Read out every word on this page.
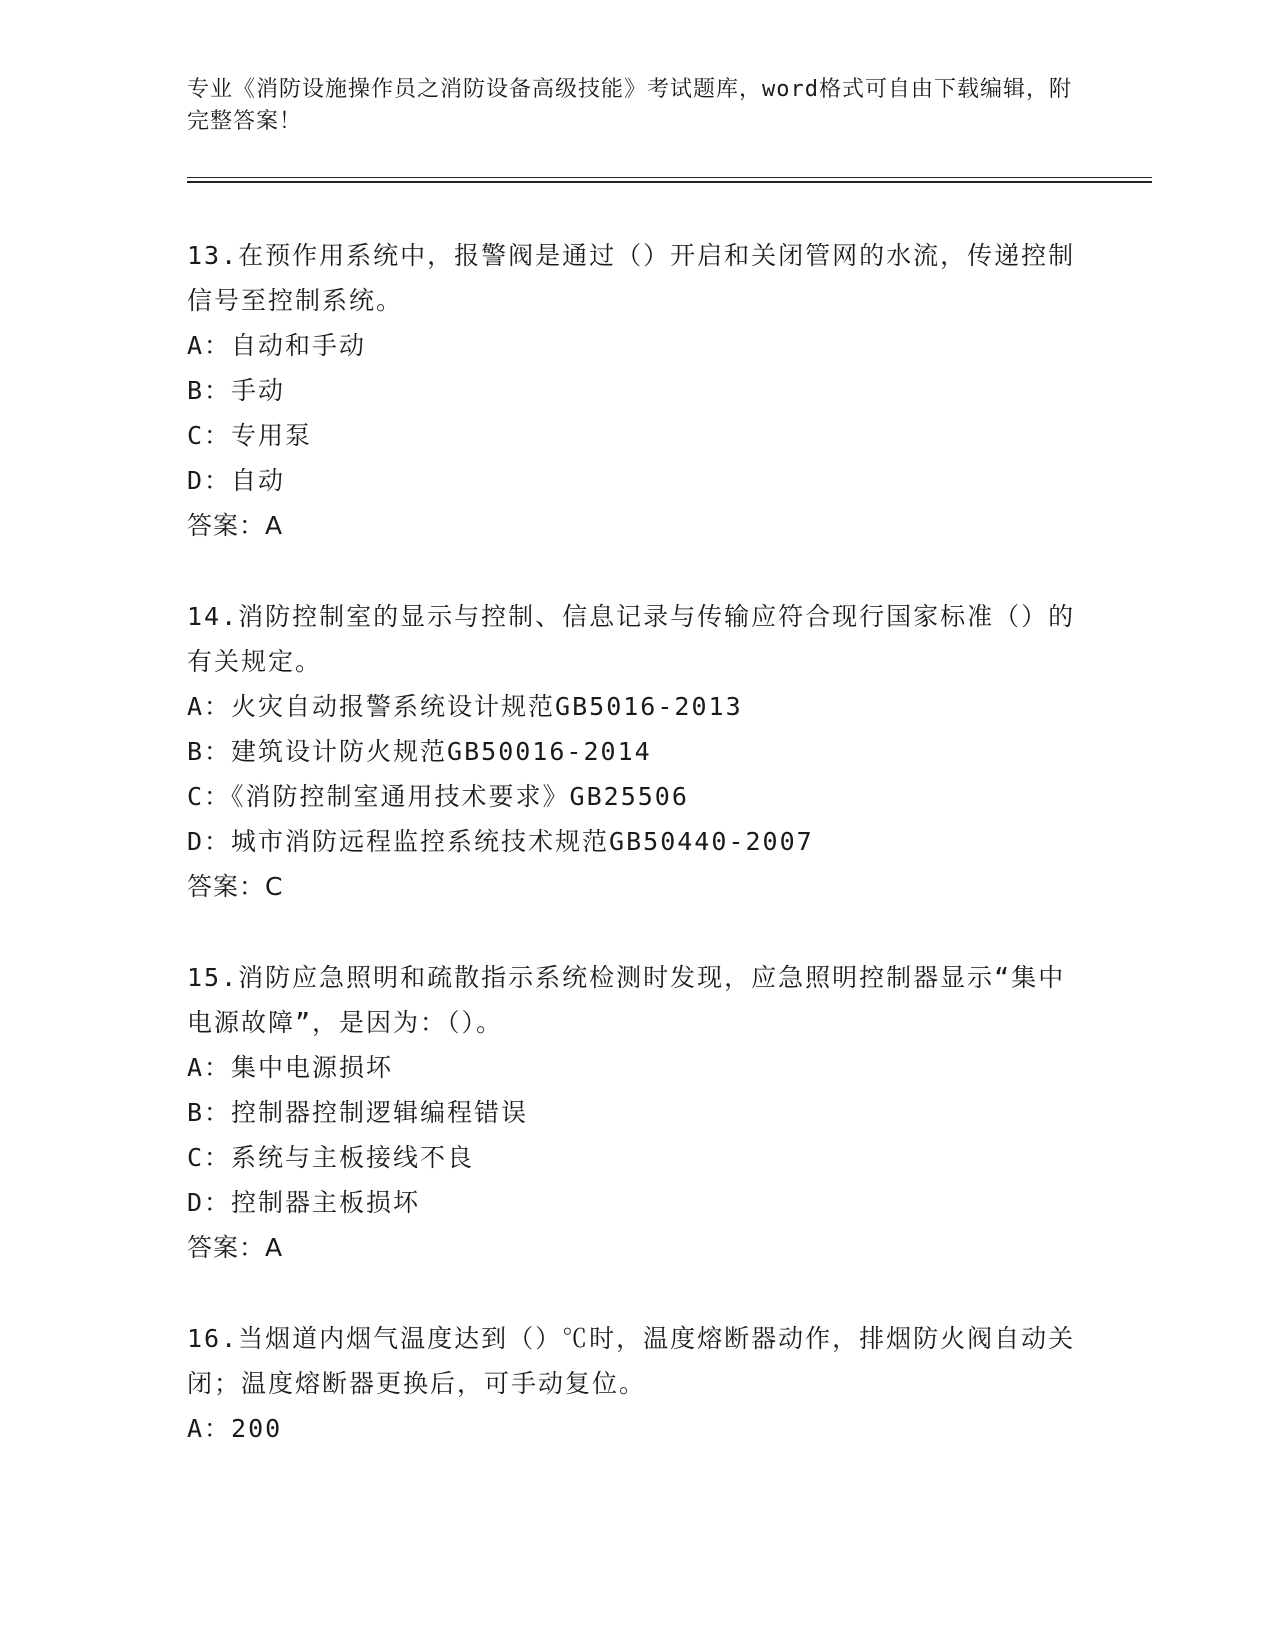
专业《消防设施操作员之消防设备高级技能》考试题库，word格式可自由下载编辑，附完整答案！

13.在预作用系统中，报警阀是通过（）开启和关闭管网的水流，传递控制信号至控制系统。

A：自动和手动

B：手动

C：专用泵

D：自动

答案：A

14.消防控制室的显示与控制、信息记录与传输应符合现行国家标准（）的有关规定。

A：火灾自动报警系统设计规范GB5016-2013

B：建筑设计防火规范GB50016-2014

C：《消防控制室通用技术要求》GB25506

D：城市消防远程监控系统技术规范GB50440-2007

答案：C

15.消防应急照明和疏散指示系统检测时发现，应急照明控制器显示“集中电源故障”，是因为：（）。

A：集中电源损坏

B：控制器控制逻辑编程错误

C：系统与主板接线不良

D：控制器主板损坏

答案：A

16.当烟道内烟气温度达到（）℃时，温度熔断器动作，排烟防火阀自动关闭；温度熔断器更换后，可手动复位。

A：200
